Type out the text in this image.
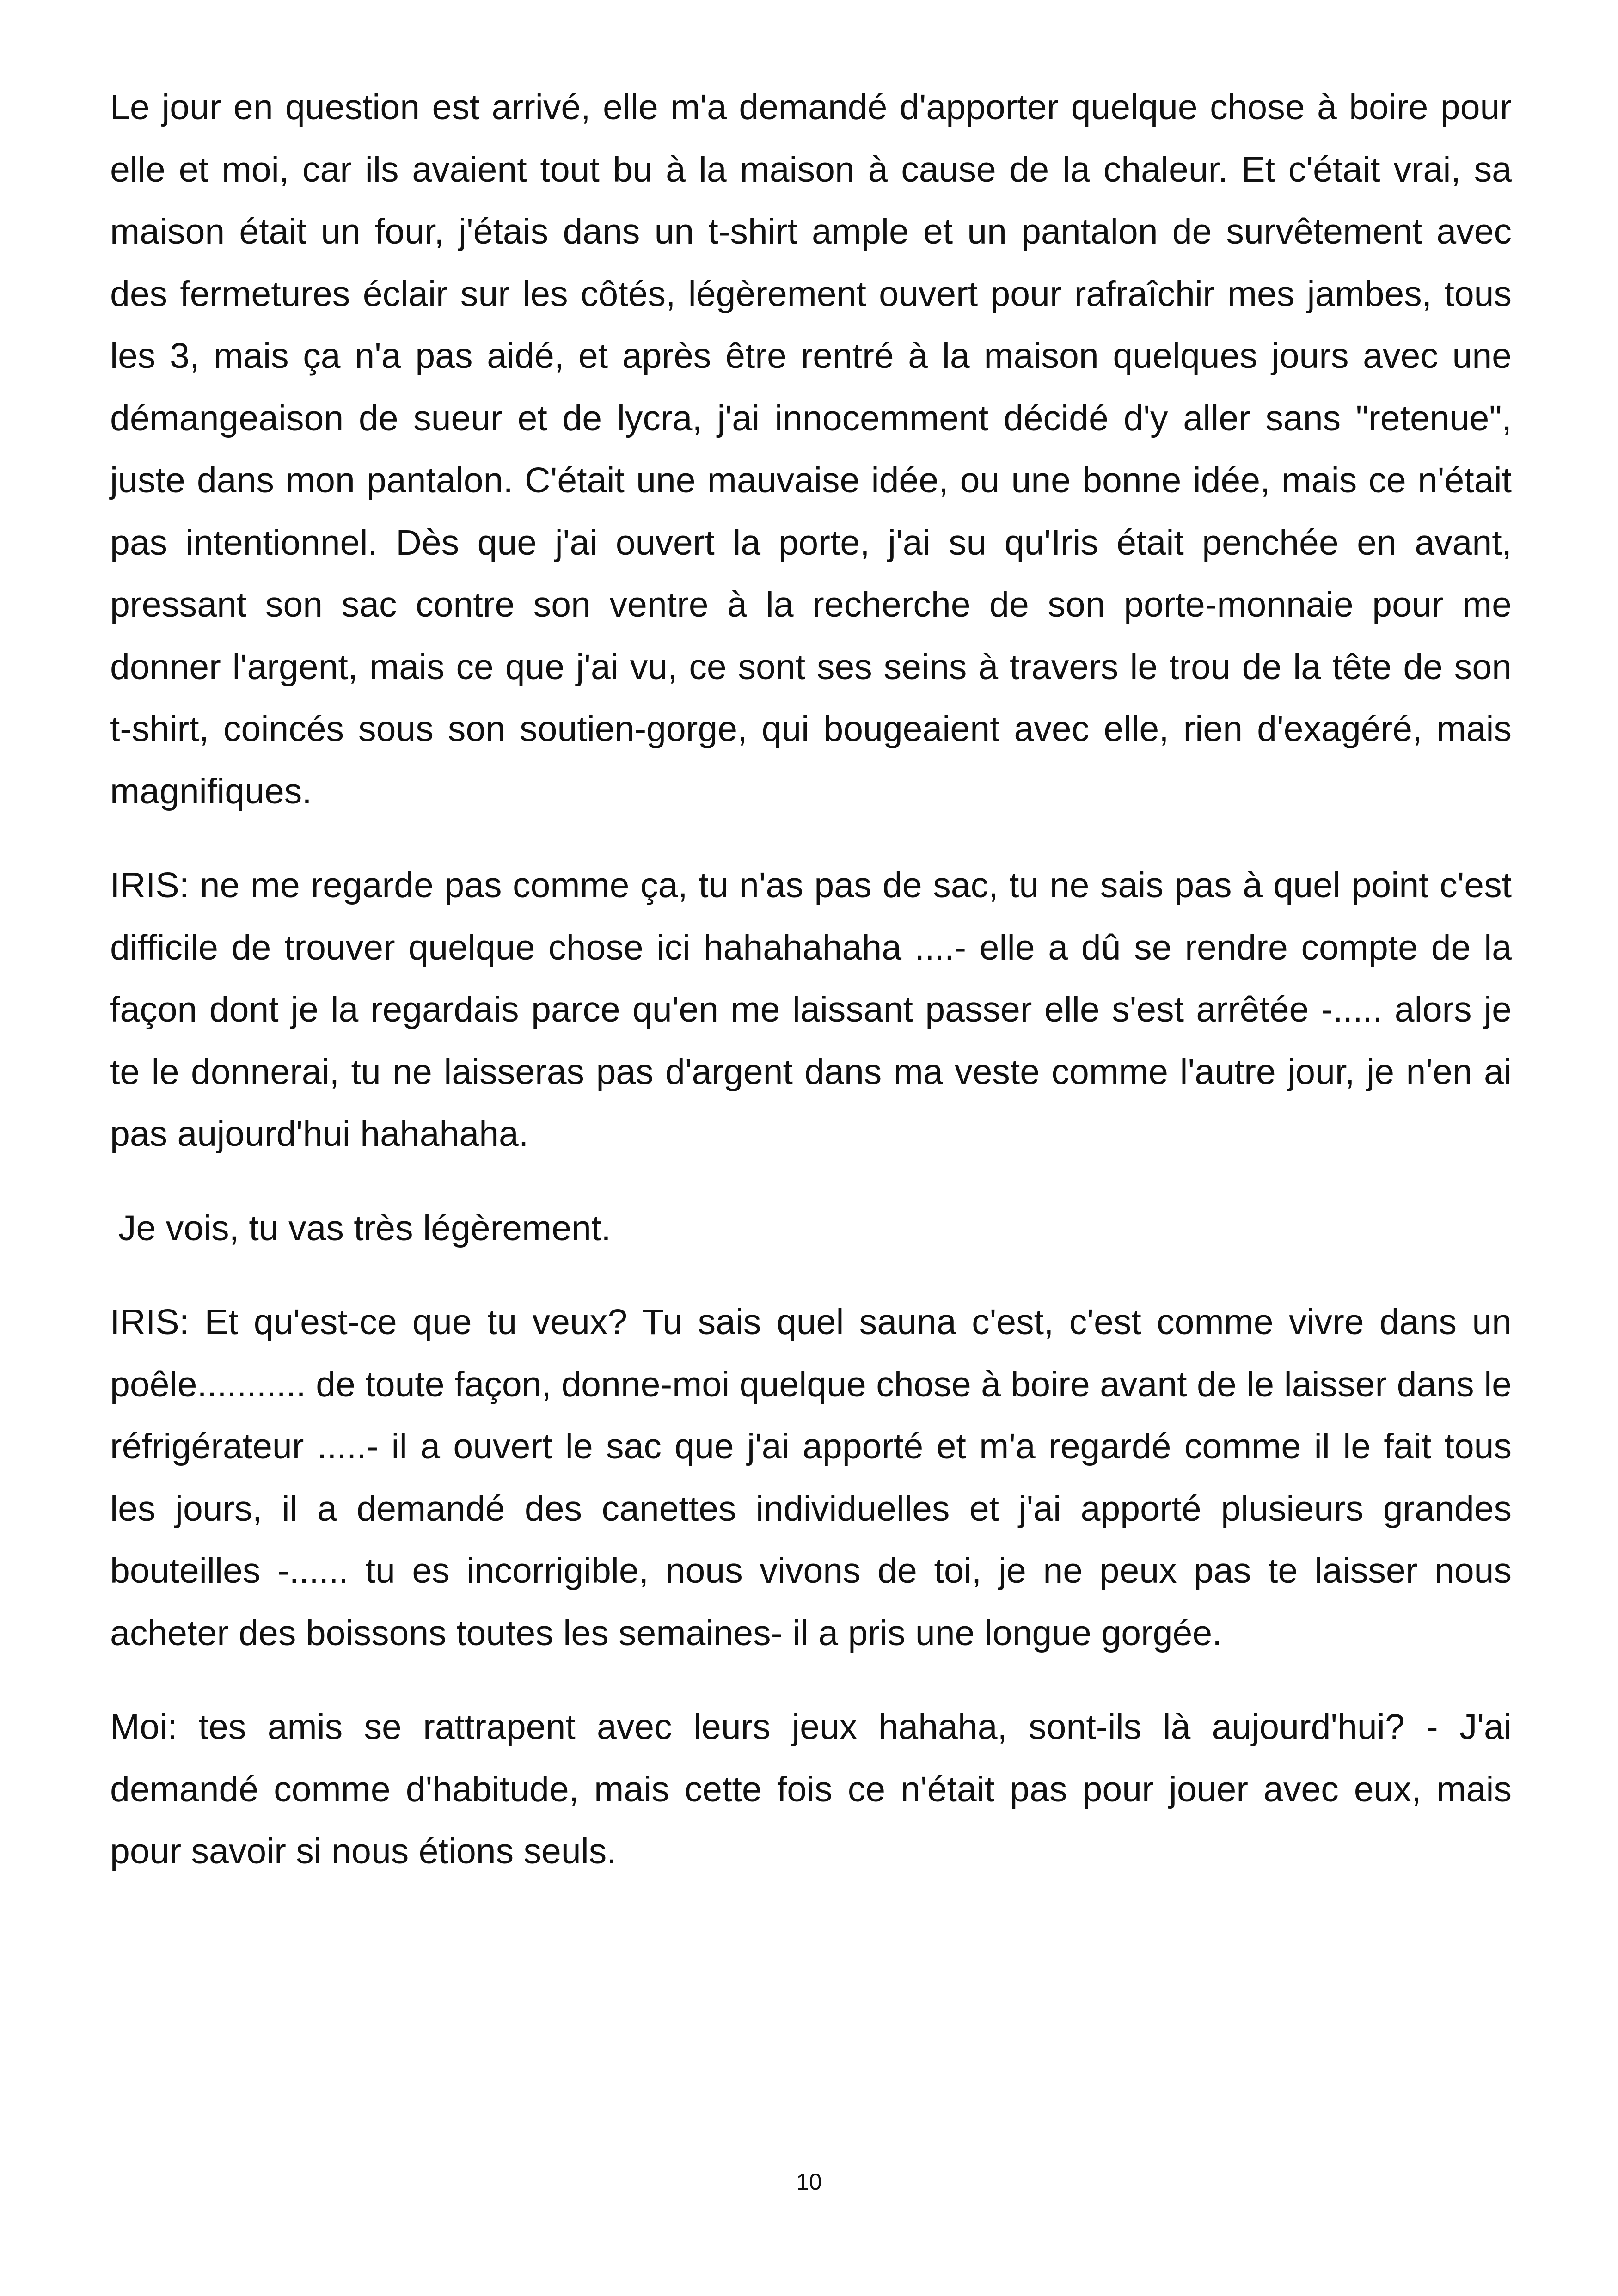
Le jour en question est arrivé, elle m'a demandé d'apporter quelque chose à boire pour elle et moi, car ils avaient tout bu à la maison à cause de la chaleur. Et c'était vrai, sa maison était un four, j'étais dans un t-shirt ample et un pantalon de survêtement avec des fermetures éclair sur les côtés, légèrement ouvert pour rafraîchir mes jambes, tous les 3, mais ça n'a pas aidé, et après être rentré à la maison quelques jours avec une démangeaison de sueur et de lycra, j'ai innocemment décidé d'y aller sans "retenue", juste dans mon pantalon. C'était une mauvaise idée, ou une bonne idée, mais ce n'était pas intentionnel. Dès que j'ai ouvert la porte, j'ai su qu'Iris était penchée en avant, pressant son sac contre son ventre à la recherche de son porte-monnaie pour me donner l'argent, mais ce que j'ai vu, ce sont ses seins à travers le trou de la tête de son t-shirt, coincés sous son soutien-gorge, qui bougeaient avec elle, rien d'exagéré, mais magnifiques.

IRIS: ne me regarde pas comme ça, tu n'as pas de sac, tu ne sais pas à quel point c'est difficile de trouver quelque chose ici hahahahaha ....- elle a dû se rendre compte de la façon dont je la regardais parce qu'en me laissant passer elle s'est arrêtée -..... alors je te le donnerai, tu ne laisseras pas d'argent dans ma veste comme l'autre jour, je n'en ai pas aujourd'hui hahahaha.

Je vois, tu vas très légèrement.

IRIS: Et qu'est-ce que tu veux? Tu sais quel sauna c'est, c'est comme vivre dans un poêle........... de toute façon, donne-moi quelque chose à boire avant de le laisser dans le réfrigérateur .....- il a ouvert le sac que j'ai apporté et m'a regardé comme il le fait tous les jours, il a demandé des canettes individuelles et j'ai apporté plusieurs grandes bouteilles -...... tu es incorrigible, nous vivons de toi, je ne peux pas te laisser nous acheter des boissons toutes les semaines- il a pris une longue gorgée.

Moi: tes amis se rattrapent avec leurs jeux hahaha, sont-ils là aujourd'hui? - J'ai demandé comme d'habitude, mais cette fois ce n'était pas pour jouer avec eux, mais pour savoir si nous étions seuls.

10
